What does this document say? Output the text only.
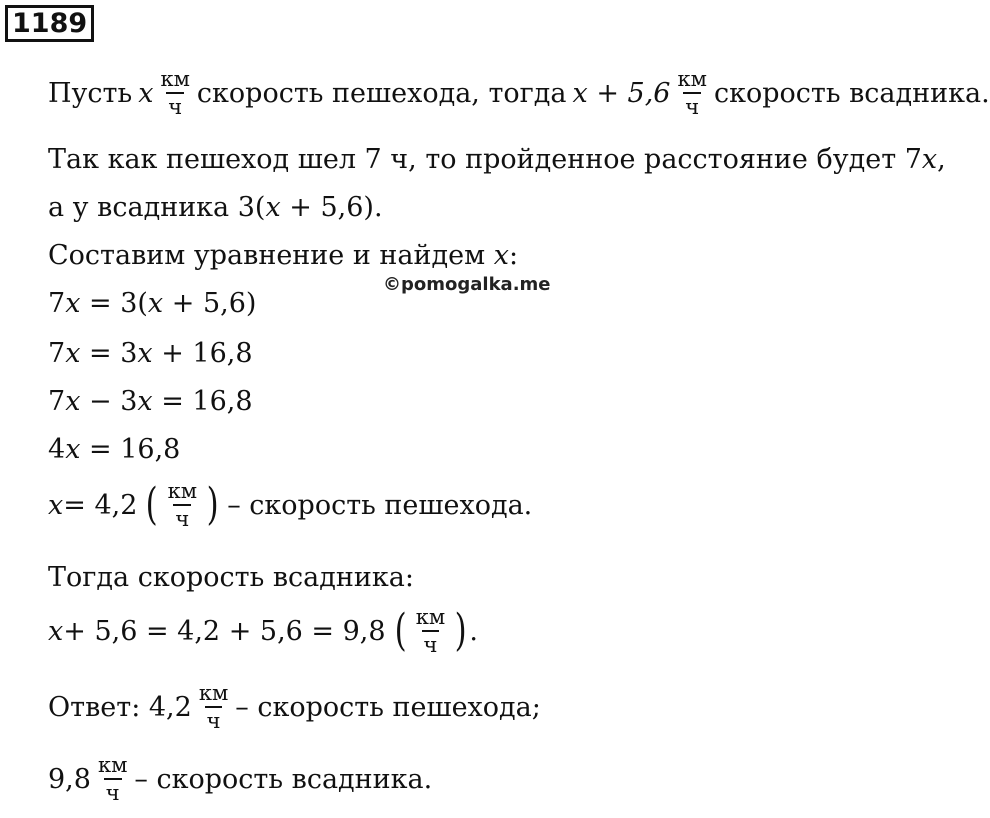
1189
©pomogalka.me
Пусть x $\frac{км}{ч}$ скорость пешехода, тогда $x + 5,6 \frac{км}{ч}$ скорость всадника.
Так как пешеход шел 7 ч, то пройденное расстояние будет 7x,
а у всадника 3(x + 5,6).
Составим уравнение и найдем x:
7x = 3(x + 5,6)
7x = 3x + 16,8
7x − 3x = 16,8
4x = 16,8
x = 4,2 ( $\frac{км}{ч}$ ) – скорость пешехода.
Тогда скорость всадника:
x + 5,6 = 4,2 + 5,6 = 9,8 ( $\frac{км}{ч}$ ) .
Ответ: $4,2 \frac{км}{ч}$ – скорость пешехода;
$9,8 \frac{км}{ч}$ – скорость всадника.
